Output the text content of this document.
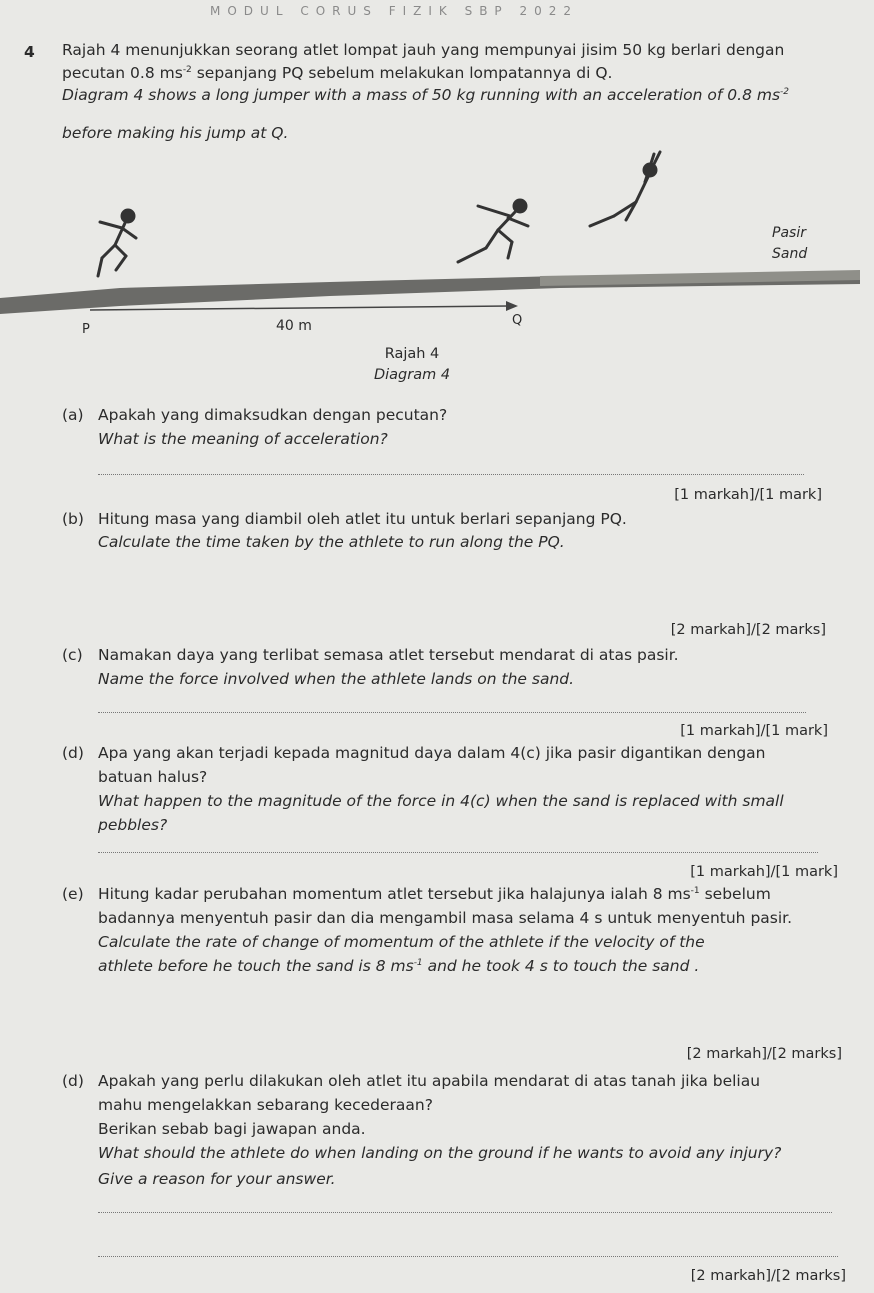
MODUL CORUS FIZIK SBP 2022
4 Rajah 4 menunjukkan seorang atlet lompat jauh yang mempunyai jisim 50 kg berlari dengan
pecutan 0.8 $ms^{-2}$ sepanjang PQ sebelum melakukan lompatannya di Q.
Diagram 4 shows a long jumper with a mass of 50 kg running with an acceleration of 0.8 $ms^{-2}$
before making his jump at Q.
Pasir
Sand
P	40 m	Q
Rajah 4
Diagram 4
(a) Apakah yang dimaksudkan dengan pecutan?
What is the meaning of acceleration?
[1 markah]/[1 mark]
(b) Hitung masa yang diambil oleh atlet itu untuk berlari sepanjang PQ.
Calculate the time taken by the athlete to run along the PQ.
[2 markah]/[2 marks]
(c) Namakan daya yang terlibat semasa atlet tersebut mendarat di atas pasir.
Name the force involved when the athlete lands on the sand.
[1 markah]/[1 mark]
(d) Apa yang akan terjadi kepada magnitud daya dalam 4(c) jika pasir digantikan dengan
batuan halus?
What happen to the magnitude of the force in 4(c) when the sand is replaced with small
pebbles?
[1 markah]/[1 mark]
(e) Hitung kadar perubahan momentum atlet tersebut jika halajunya ialah 8 $ms^{-1}$ sebelum
badannya menyentuh pasir dan dia mengambil masa selama 4 s untuk menyentuh pasir.
Calculate the rate of change of momentum of the athlete if the velocity of the
athlete before he touch the sand is 8 $ms^{-1}$ and he took 4 s to touch the sand .
[2 markah]/[2 marks]
(d) Apakah yang perlu dilakukan oleh atlet itu apabila mendarat di atas tanah jika beliau
mahu mengelakkan sebarang kecederaan?
Berikan sebab bagi jawapan anda.
What should the athlete do when landing on the ground if he wants to avoid any injury?
Give a reason for your answer.
[2 markah]/[2 marks]
